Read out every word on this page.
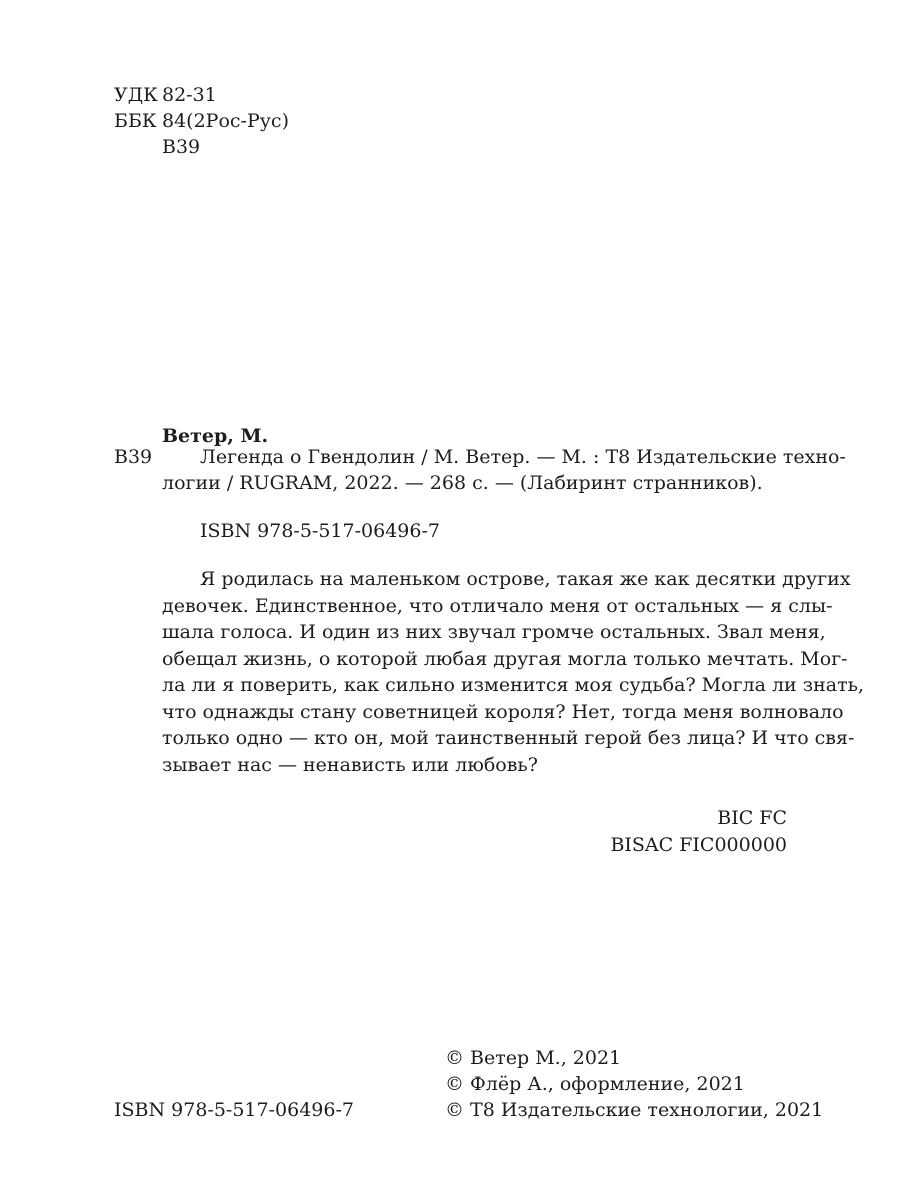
УДК 82-31
ББК 84(2Рос-Рус)
В39
Ветер, М.
В39	Легенда о Гвендолин / М. Ветер. — М. : Т8 Издательские техно-
логии / RUGRAM, 2022. — 268 с. — (Лабиринт странников).
ISBN 978-5-517-06496-7
Я родилась на маленьком острове, такая же как десятки других
девочек. Единственное, что отличало меня от остальных — я слы-
шала голоса. И один из них звучал громче остальных. Звал меня,
обещал жизнь, о которой любая другая могла только мечтать. Мог-
ла ли я поверить, как сильно изменится моя судьба? Могла ли знать,
что однажды стану советницей короля? Нет, тогда меня волновало
только одно — кто он, мой таинственный герой без лица? И что свя-
зывает нас — ненависть или любовь?
BIC FC
BISAC FIC000000
© Ветер М., 2021
© Флёр А., оформление, 2021
© Т8 Издательские технологии, 2021
ISBN 978-5-517-06496-7
